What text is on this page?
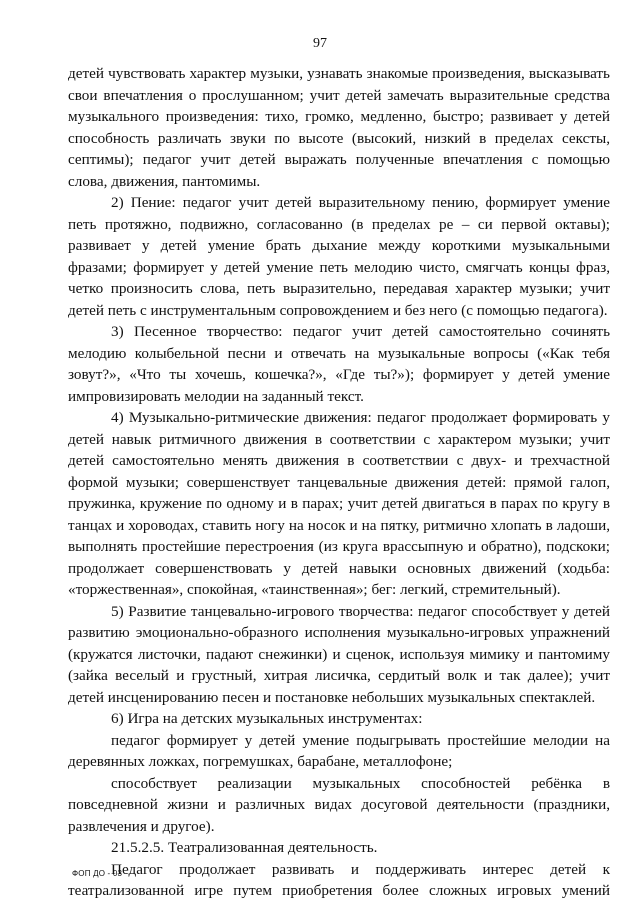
97

детей чувствовать характер музыки, узнавать знакомые произведения, высказывать свои впечатления о прослушанном; учит детей замечать выразительные средства музыкального произведения: тихо, громко, медленно, быстро; развивает у детей способность различать звуки по высоте (высокий, низкий в пределах сексты, септимы); педагог учит детей выражать полученные впечатления с помощью слова, движения, пантомимы.

2) Пение: педагог учит детей выразительному пению, формирует умение петь протяжно, подвижно, согласованно (в пределах ре – си первой октавы); развивает у детей умение брать дыхание между короткими музыкальными фразами; формирует у детей умение петь мелодию чисто, смягчать концы фраз, четко произносить слова, петь выразительно, передавая характер музыки; учит детей петь с инструментальным сопровождением и без него (с помощью педагога).

3) Песенное творчество: педагог учит детей самостоятельно сочинять мелодию колыбельной песни и отвечать на музыкальные вопросы («Как тебя зовут?», «Что ты хочешь, кошечка?», «Где ты?»); формирует у детей умение импровизировать мелодии на заданный текст.

4) Музыкально-ритмические движения: педагог продолжает формировать у детей навык ритмичного движения в соответствии с характером музыки; учит детей самостоятельно менять движения в соответствии с двух- и трехчастной формой музыки; совершенствует танцевальные движения детей: прямой галоп, пружинка, кружение по одному и в парах; учит детей двигаться в парах по кругу в танцах и хороводах, ставить ногу на носок и на пятку, ритмично хлопать в ладоши, выполнять простейшие перестроения (из круга врассыпную и обратно), подскоки; продолжает совершенствовать у детей навыки основных движений (ходьба: «торжественная», спокойная, «таинственная»; бег: легкий, стремительный).

5) Развитие танцевально-игрового творчества: педагог способствует у детей развитию эмоционально-образного исполнения музыкально-игровых упражнений (кружатся листочки, падают снежинки) и сценок, используя мимику и пантомиму (зайка веселый и грустный, хитрая лисичка, сердитый волк и так далее); учит детей инсценированию песен и постановке небольших музыкальных спектаклей.

6) Игра на детских музыкальных инструментах:

педагог формирует у детей умение подыгрывать простейшие мелодии на деревянных ложках, погремушках, барабане, металлофоне;

способствует реализации музыкальных способностей ребёнка в повседневной жизни и различных видах досуговой деятельности (праздники, развлечения и другое).

21.5.2.5. Театрализованная деятельность.

Педагог продолжает развивать и поддерживать интерес детей к театрализованной игре путем приобретения более сложных игровых умений

ФОП ДО - 03
